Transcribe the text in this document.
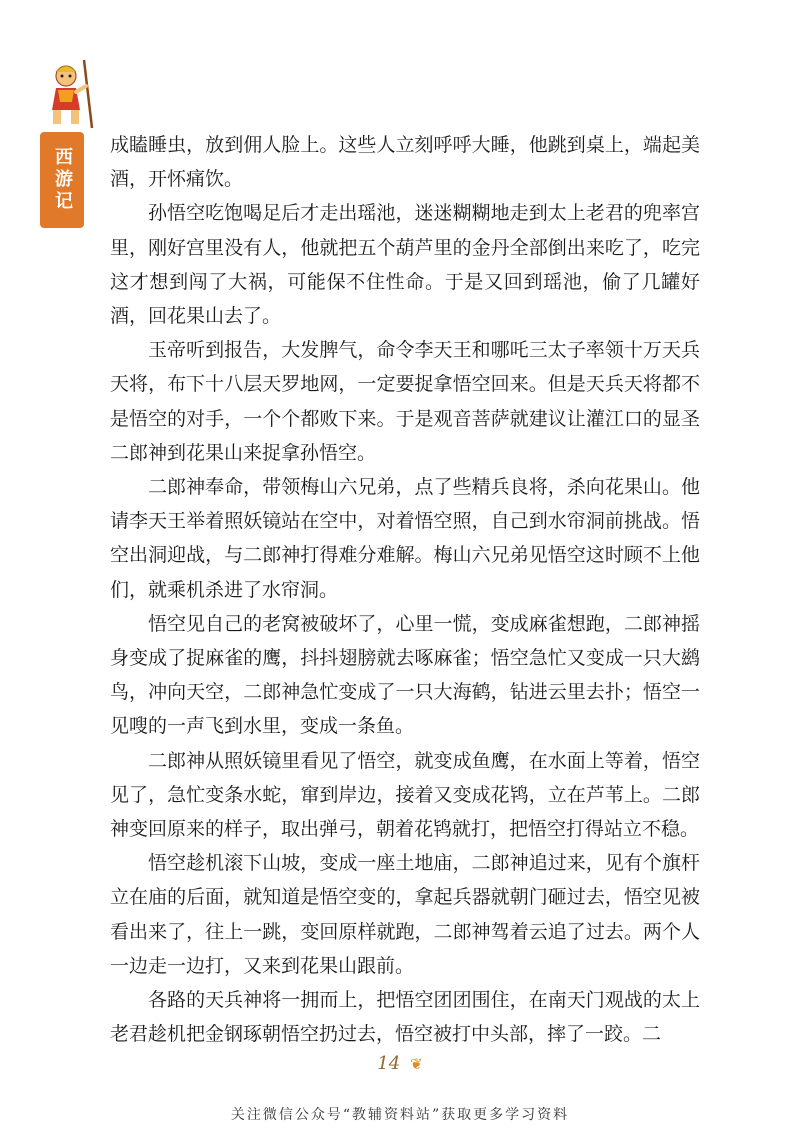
西游记

成瞌睡虫，放到佣人脸上。这些人立刻呼呼大睡，他跳到桌上，端起美酒，开怀痛饮。

孙悟空吃饱喝足后才走出瑶池，迷迷糊糊地走到太上老君的兜率宫里，刚好宫里没有人，他就把五个葫芦里的金丹全部倒出来吃了，吃完这才想到闯了大祸，可能保不住性命。于是又回到瑶池，偷了几罐好酒，回花果山去了。

玉帝听到报告，大发脾气，命令李天王和哪吒三太子率领十万天兵天将，布下十八层天罗地网，一定要捉拿悟空回来。但是天兵天将都不是悟空的对手，一个个都败下来。于是观音菩萨就建议让灌江口的显圣二郎神到花果山来捉拿孙悟空。

二郎神奉命，带领梅山六兄弟，点了些精兵良将，杀向花果山。他请李天王举着照妖镜站在空中，对着悟空照，自己到水帘洞前挑战。悟空出洞迎战，与二郎神打得难分难解。梅山六兄弟见悟空这时顾不上他们，就乘机杀进了水帘洞。

悟空见自己的老窝被破坏了，心里一慌，变成麻雀想跑，二郎神摇身变成了捉麻雀的鹰，抖抖翅膀就去啄麻雀；悟空急忙又变成一只大鹚鸟，冲向天空，二郎神急忙变成了一只大海鹤，钻进云里去扑；悟空一见嗖的一声飞到水里，变成一条鱼。

二郎神从照妖镜里看见了悟空，就变成鱼鹰，在水面上等着，悟空见了，急忙变条水蛇，窜到岸边，接着又变成花鸨，立在芦苇上。二郎神变回原来的样子，取出弹弓，朝着花鸨就打，把悟空打得站立不稳。

悟空趁机滚下山坡，变成一座土地庙，二郎神追过来，见有个旗杆立在庙的后面，就知道是悟空变的，拿起兵器就朝门砸过去，悟空见被看出来了，往上一跳，变回原样就跑，二郎神驾着云追了过去。两个人一边走一边打，又来到花果山跟前。

各路的天兵神将一拥而上，把悟空团团围住，在南天门观战的太上老君趁机把金钢琢朝悟空扔过去，悟空被打中头部，摔了一跤。二

14 ❦
关注微信公众号“教辅资料站”获取更多学习资料
